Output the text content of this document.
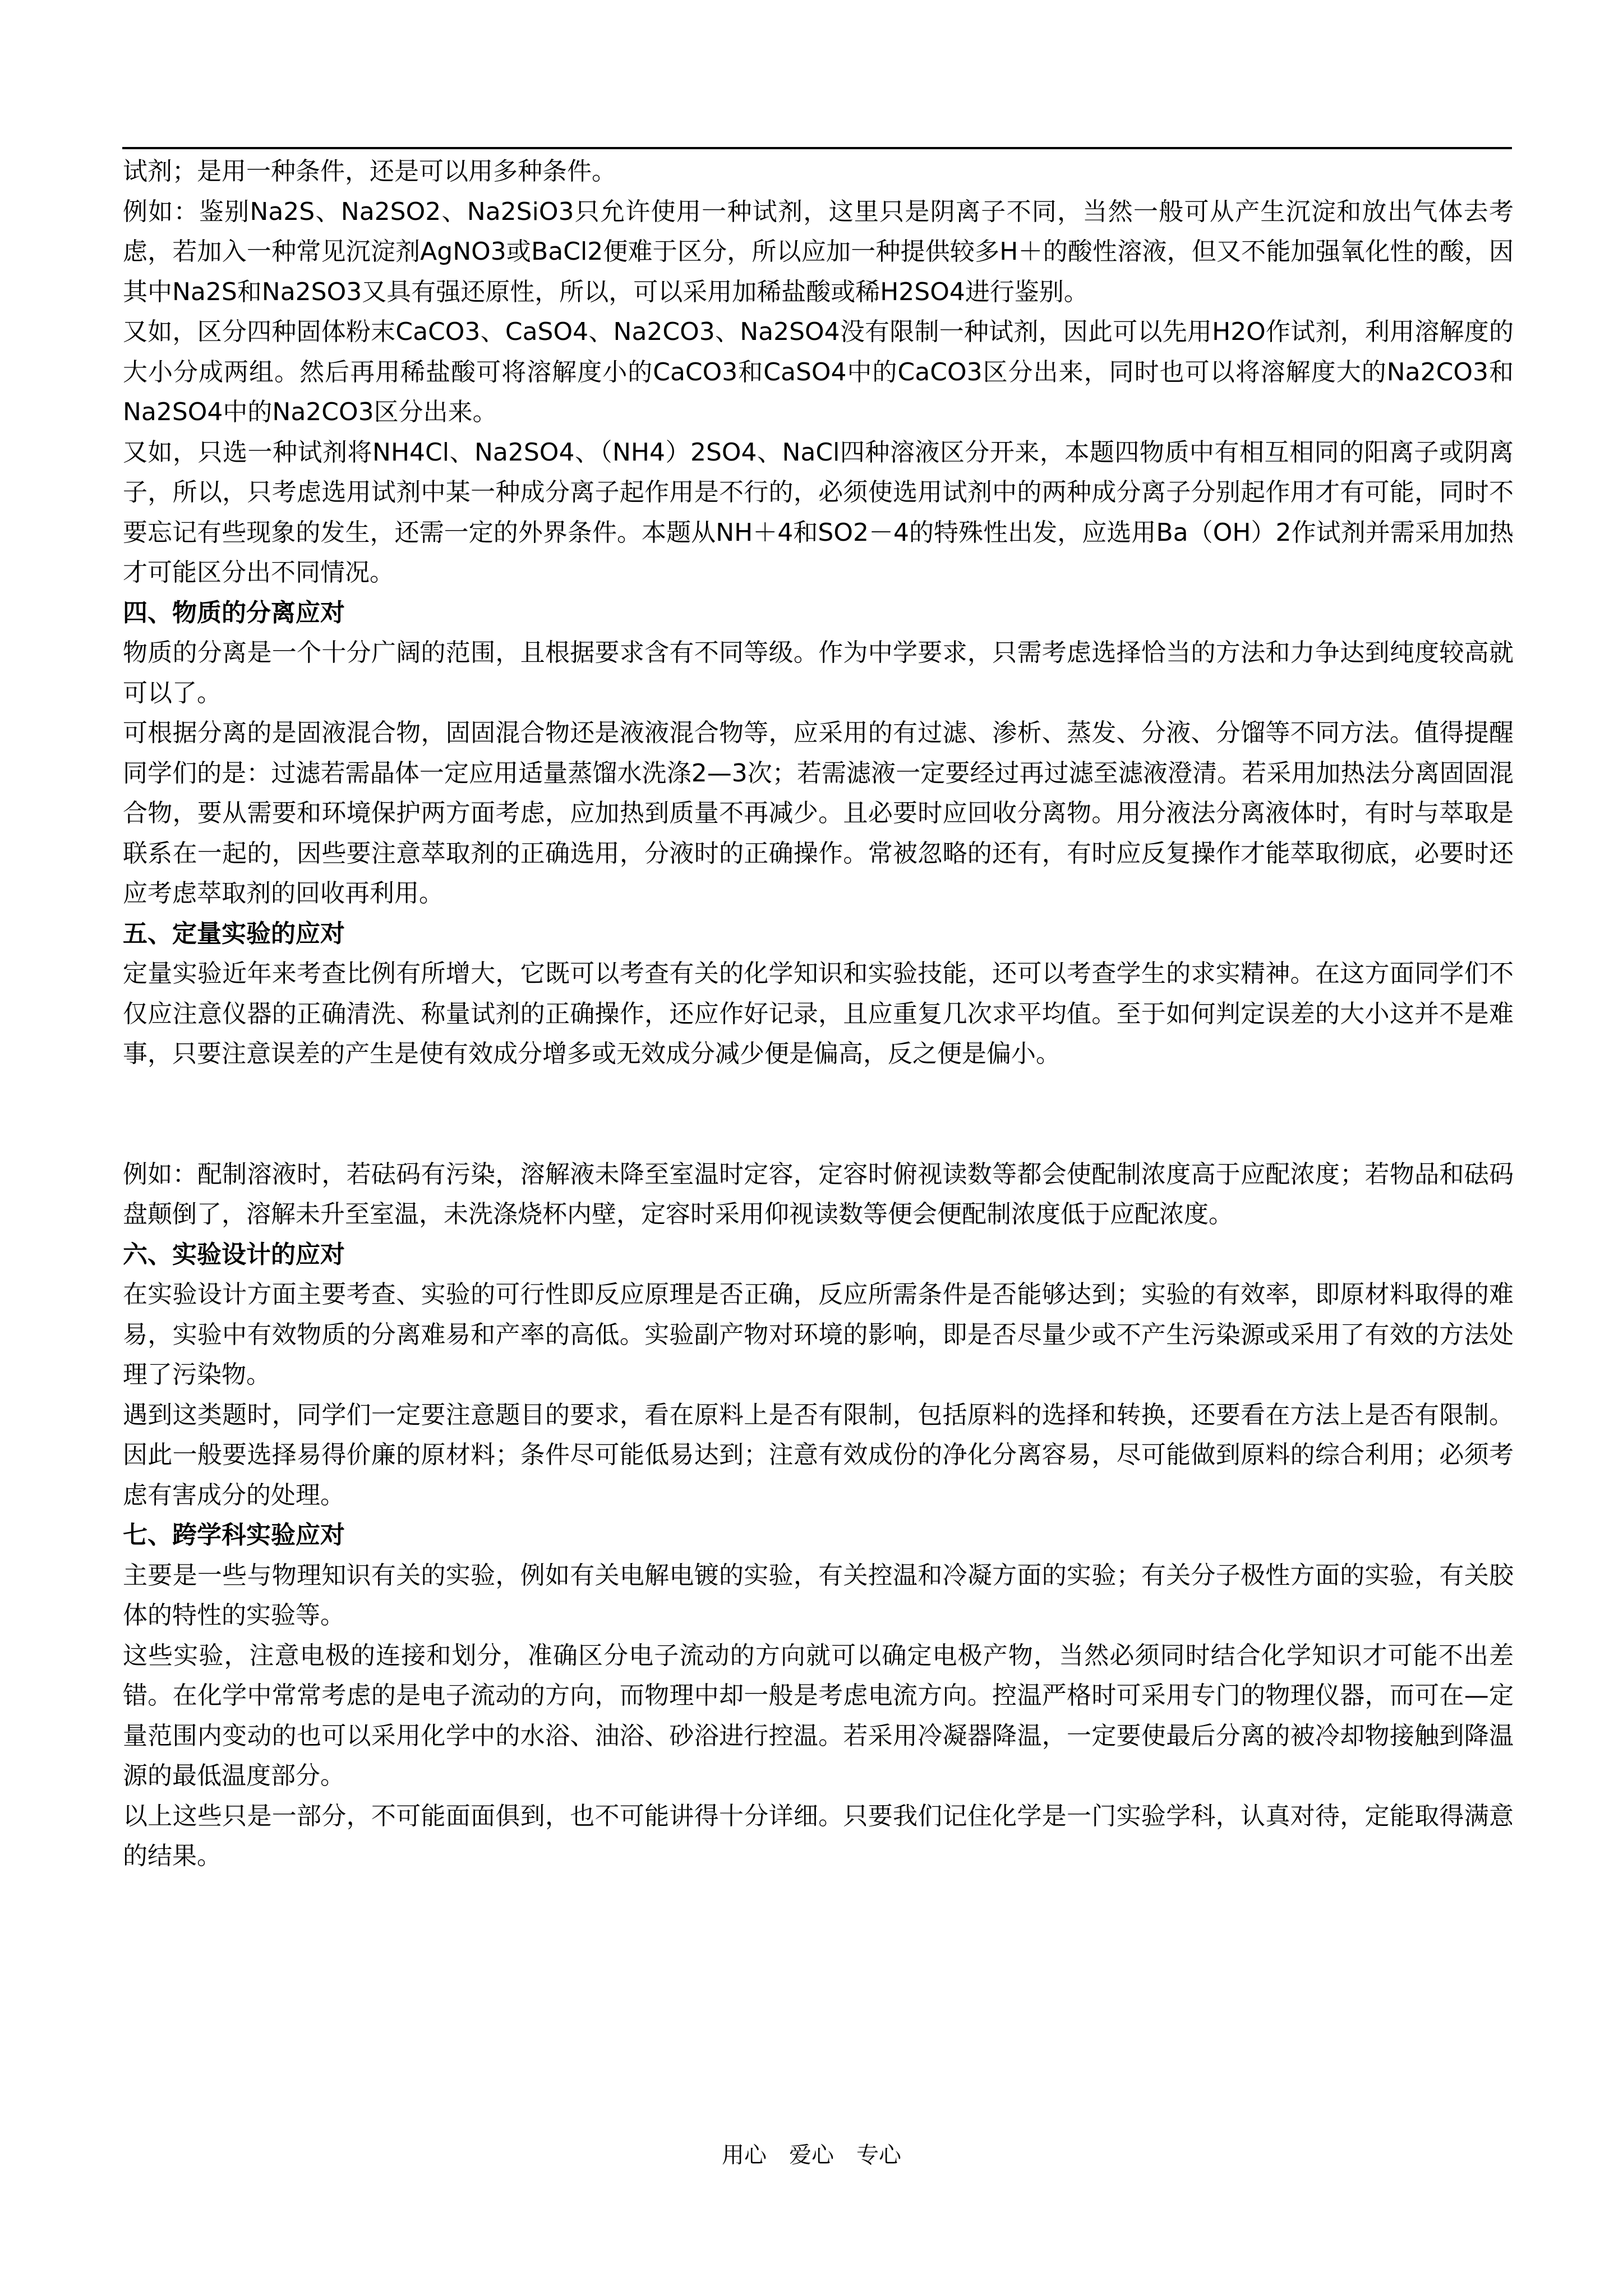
试剂；是用一种条件，还是可以用多种条件。

例如：鉴别Na2S、Na2SO2、Na2SiO3只允许使用一种试剂，这里只是阴离子不同，当然一般可从产生沉淀和放出气体去考虑，若加入一种常见沉淀剂AgNO3或BaCl2便难于区分，所以应加一种提供较多H＋的酸性溶液，但又不能加强氧化性的酸，因其中Na2S和Na2SO3又具有强还原性，所以，可以采用加稀盐酸或稀H2SO4进行鉴别。

又如，区分四种固体粉末CaCO3、CaSO4、Na2CO3、Na2SO4没有限制一种试剂，因此可以先用H2O作试剂，利用溶解度的大小分成两组。然后再用稀盐酸可将溶解度小的CaCO3和CaSO4中的CaCO3区分出来，同时也可以将溶解度大的Na2CO3和Na2SO4中的Na2CO3区分出来。

又如，只选一种试剂将NH4Cl、Na2SO4、（NH4）2SO4、NaCl四种溶液区分开来，本题四物质中有相互相同的阳离子或阴离子，所以，只考虑选用试剂中某一种成分离子起作用是不行的，必须使选用试剂中的两种成分离子分别起作用才有可能，同时不要忘记有些现象的发生，还需一定的外界条件。本题从NH＋4和SO2－4的特殊性出发，应选用Ba（OH）2作试剂并需采用加热才可能区分出不同情况。

四、物质的分离应对

物质的分离是一个十分广阔的范围，且根据要求含有不同等级。作为中学要求，只需考虑选择恰当的方法和力争达到纯度较高就可以了。

可根据分离的是固液混合物，固固混合物还是液液混合物等，应采用的有过滤、渗析、蒸发、分液、分馏等不同方法。值得提醒同学们的是：过滤若需晶体一定应用适量蒸馏水洗涤2—3次；若需滤液一定要经过再过滤至滤液澄清。若采用加热法分离固固混合物，要从需要和环境保护两方面考虑，应加热到质量不再减少。且必要时应回收分离物。用分液法分离液体时，有时与萃取是联系在一起的，因些要注意萃取剂的正确选用，分液时的正确操作。常被忽略的还有，有时应反复操作才能萃取彻底，必要时还应考虑萃取剂的回收再利用。

五、定量实验的应对

定量实验近年来考查比例有所增大，它既可以考查有关的化学知识和实验技能，还可以考查学生的求实精神。在这方面同学们不仅应注意仪器的正确清洗、称量试剂的正确操作，还应作好记录，且应重复几次求平均值。至于如何判定误差的大小这并不是难事，只要注意误差的产生是使有效成分增多或无效成分减少便是偏高，反之便是偏小。

例如：配制溶液时，若砝码有污染，溶解液未降至室温时定容，定容时俯视读数等都会使配制浓度高于应配浓度；若物品和砝码盘颠倒了，溶解未升至室温，未洗涤烧杯内壁，定容时采用仰视读数等便会便配制浓度低于应配浓度。

六、实验设计的应对

在实验设计方面主要考查、实验的可行性即反应原理是否正确，反应所需条件是否能够达到；实验的有效率，即原材料取得的难易，实验中有效物质的分离难易和产率的高低。实验副产物对环境的影响，即是否尽量少或不产生污染源或采用了有效的方法处理了污染物。

遇到这类题时，同学们一定要注意题目的要求，看在原料上是否有限制，包括原料的选择和转换，还要看在方法上是否有限制。因此一般要选择易得价廉的原材料；条件尽可能低易达到；注意有效成份的净化分离容易，尽可能做到原料的综合利用；必须考虑有害成分的处理。

七、跨学科实验应对

主要是一些与物理知识有关的实验，例如有关电解电镀的实验，有关控温和冷凝方面的实验；有关分子极性方面的实验，有关胶体的特性的实验等。

这些实验，注意电极的连接和划分，准确区分电子流动的方向就可以确定电极产物，当然必须同时结合化学知识才可能不出差错。在化学中常常考虑的是电子流动的方向，而物理中却一般是考虑电流方向。控温严格时可采用专门的物理仪器，而可在—定量范围内变动的也可以采用化学中的水浴、油浴、砂浴进行控温。若采用冷凝器降温，一定要使最后分离的被冷却物接触到降温源的最低温度部分。

以上这些只是一部分，不可能面面俱到，也不可能讲得十分详细。只要我们记住化学是一门实验学科，认真对待，定能取得满意的结果。

用心　爱心　专心
